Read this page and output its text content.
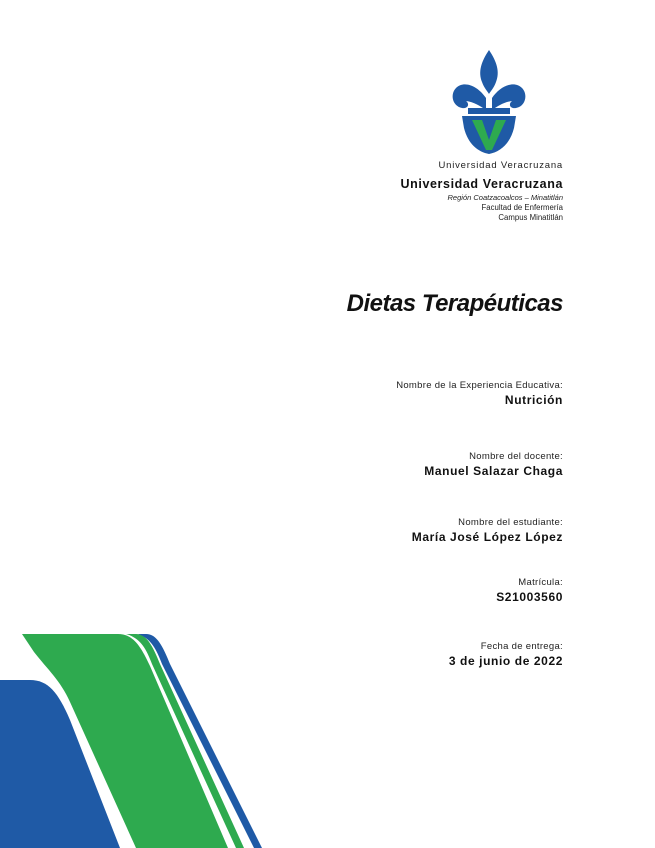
Universidad Veracruzana
Universidad Veracruzana
Región Coatzacoalcos – Minatitlán
Facultad de Enfermería
Campus Minatitlán
Dietas Terapéuticas
Nombre de la Experiencia Educativa:
Nutrición
Nombre del docente:
Manuel Salazar Chaga
Nombre del estudiante:
María José López López
Matrícula:
S21003560
Fecha de entrega:
3 de junio de 2022
